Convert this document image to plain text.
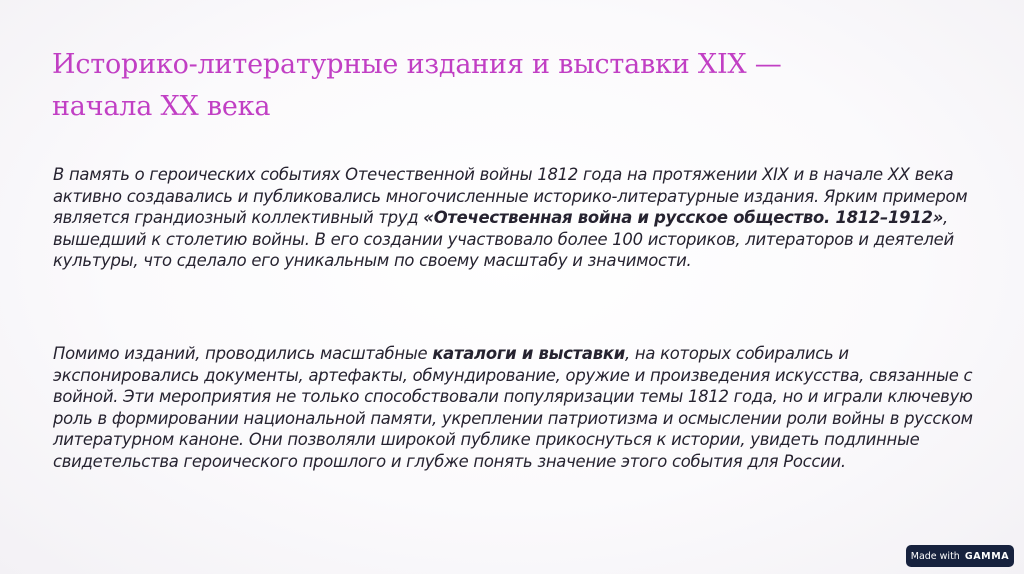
Историко-литературные издания и выставки XIX —
начала XX века

В память о героических событиях Отечественной войны 1812 года на протяжении XIX и в начале XX века активно создавались и публиковались многочисленные историко-литературные издания. Ярким примером является грандиозный коллективный труд «Отечественная война и русское общество. 1812–1912», вышедший к столетию войны. В его создании участвовало более 100 историков, литераторов и деятелей культуры, что сделало его уникальным по своему масштабу и значимости.

Помимо изданий, проводились масштабные каталоги и выставки, на которых собирались и экспонировались документы, артефакты, обмундирование, оружие и произведения искусства, связанные с войной. Эти мероприятия не только способствовали популяризации темы 1812 года, но и играли ключевую роль в формировании национальной памяти, укреплении патриотизма и осмыслении роли войны в русском литературном каноне. Они позволяли широкой публике прикоснуться к истории, увидеть подлинные свидетельства героического прошлого и глубже понять значение этого события для России.

Made with GAMMA
